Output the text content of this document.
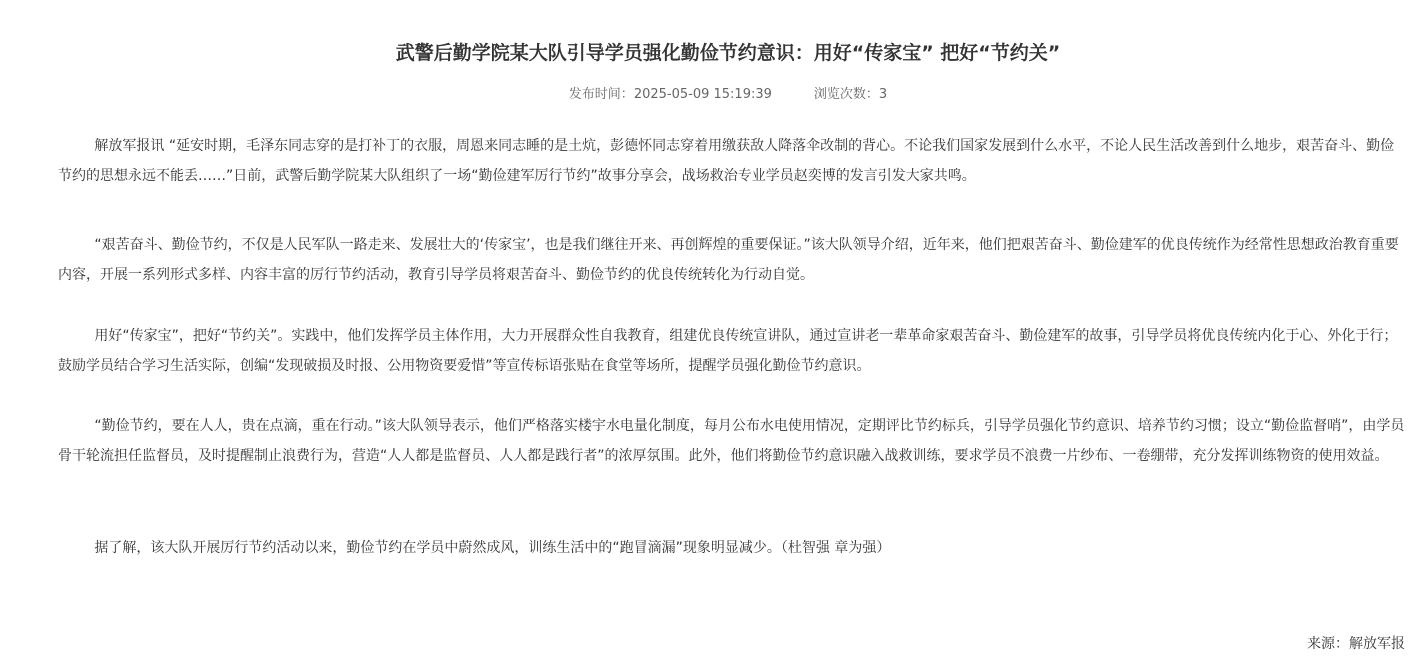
武警后勤学院某大队引导学员强化勤俭节约意识：用好“传家宝” 把好“节约关”
发布时间：2025-05-09 15:19:39	浏览次数：3

解放军报讯 “延安时期，毛泽东同志穿的是打补丁的衣服，周恩来同志睡的是土炕，彭德怀同志穿着用缴获敌人降落伞改制的背心。不论我们国家发展到什么水平，不论人民生活改善到什么地步，艰苦奋斗、勤俭节约的思想永远不能丢……”日前，武警后勤学院某大队组织了一场“勤俭建军厉行节约”故事分享会，战场救治专业学员赵奕博的发言引发大家共鸣。

“艰苦奋斗、勤俭节约，不仅是人民军队一路走来、发展壮大的‘传家宝’，也是我们继往开来、再创辉煌的重要保证。”该大队领导介绍，近年来，他们把艰苦奋斗、勤俭建军的优良传统作为经常性思想政治教育重要内容，开展一系列形式多样、内容丰富的厉行节约活动，教育引导学员将艰苦奋斗、勤俭节约的优良传统转化为行动自觉。

用好“传家宝”，把好“节约关”。实践中，他们发挥学员主体作用，大力开展群众性自我教育，组建优良传统宣讲队，通过宣讲老一辈革命家艰苦奋斗、勤俭建军的故事，引导学员将优良传统内化于心、外化于行；鼓励学员结合学习生活实际，创编“发现破损及时报、公用物资要爱惜”等宣传标语张贴在食堂等场所，提醒学员强化勤俭节约意识。

“勤俭节约，要在人人，贵在点滴，重在行动。”该大队领导表示，他们严格落实楼宇水电量化制度，每月公布水电使用情况，定期评比节约标兵，引导学员强化节约意识、培养节约习惯；设立“勤俭监督哨”，由学员骨干轮流担任监督员，及时提醒制止浪费行为，营造“人人都是监督员、人人都是践行者”的浓厚氛围。此外，他们将勤俭节约意识融入战救训练，要求学员不浪费一片纱布、一卷绷带，充分发挥训练物资的使用效益。

据了解，该大队开展厉行节约活动以来，勤俭节约在学员中蔚然成风，训练生活中的“跑冒滴漏”现象明显减少。（杜智强 章为强）

来源：解放军报
